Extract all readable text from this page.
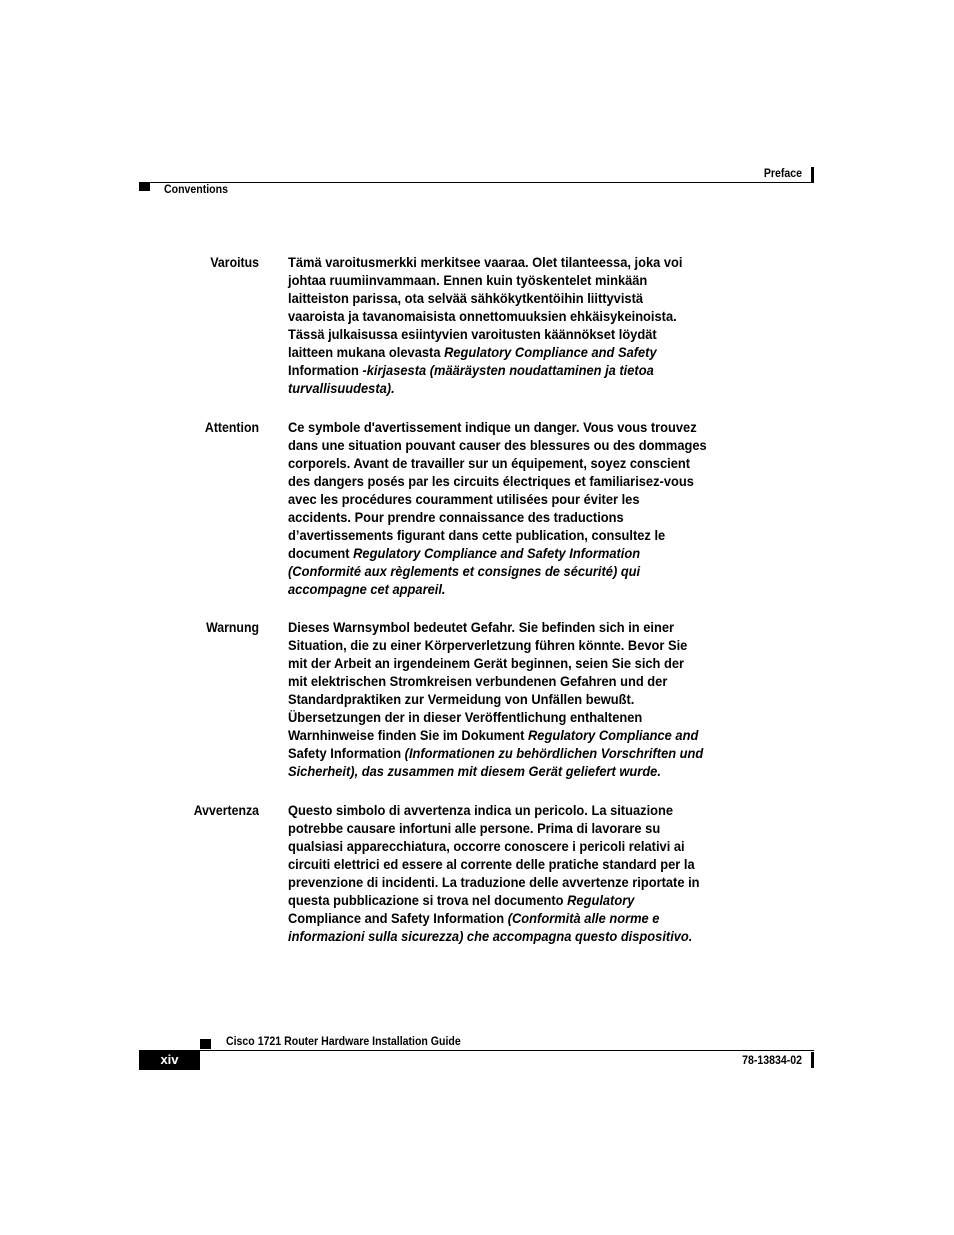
Preface
Conventions
Varoitus Tämä varoitusmerkki merkitsee vaaraa. Olet tilanteessa, joka voi
johtaa ruumiinvammaan. Ennen kuin työskentelet minkään
laitteiston parissa, ota selvää sähkökytkentöihin liittyvistä
vaaroista ja tavanomaisista onnettomuuksien ehkäisykeinoista.
Tässä julkaisussa esiintyvien varoitusten käännökset löydät
laitteen mukana olevasta Regulatory Compliance and Safety
Information -kirjasesta (määräysten noudattaminen ja tietoa
turvallisuudesta).
Attention Ce symbole d'avertissement indique un danger. Vous vous trouvez
dans une situation pouvant causer des blessures ou des dommages
corporels. Avant de travailler sur un équipement, soyez conscient
des dangers posés par les circuits électriques et familiarisez-vous
avec les procédures couramment utilisées pour éviter les
accidents. Pour prendre connaissance des traductions
d’avertissements figurant dans cette publication, consultez le
document Regulatory Compliance and Safety Information
(Conformité aux règlements et consignes de sécurité) qui
accompagne cet appareil.
Warnung Dieses Warnsymbol bedeutet Gefahr. Sie befinden sich in einer
Situation, die zu einer Körperverletzung führen könnte. Bevor Sie
mit der Arbeit an irgendeinem Gerät beginnen, seien Sie sich der
mit elektrischen Stromkreisen verbundenen Gefahren und der
Standardpraktiken zur Vermeidung von Unfällen bewußt.
Übersetzungen der in dieser Veröffentlichung enthaltenen
Warnhinweise finden Sie im Dokument Regulatory Compliance and
Safety Information (Informationen zu behördlichen Vorschriften und
Sicherheit), das zusammen mit diesem Gerät geliefert wurde.
Avvertenza Questo simbolo di avvertenza indica un pericolo. La situazione
potrebbe causare infortuni alle persone. Prima di lavorare su
qualsiasi apparecchiatura, occorre conoscere i pericoli relativi ai
circuiti elettrici ed essere al corrente delle pratiche standard per la
prevenzione di incidenti. La traduzione delle avvertenze riportate in
questa pubblicazione si trova nel documento Regulatory
Compliance and Safety Information (Conformità alle norme e
informazioni sulla sicurezza) che accompagna questo dispositivo.
Cisco 1721 Router Hardware Installation Guide
xiv	78-13834-02
